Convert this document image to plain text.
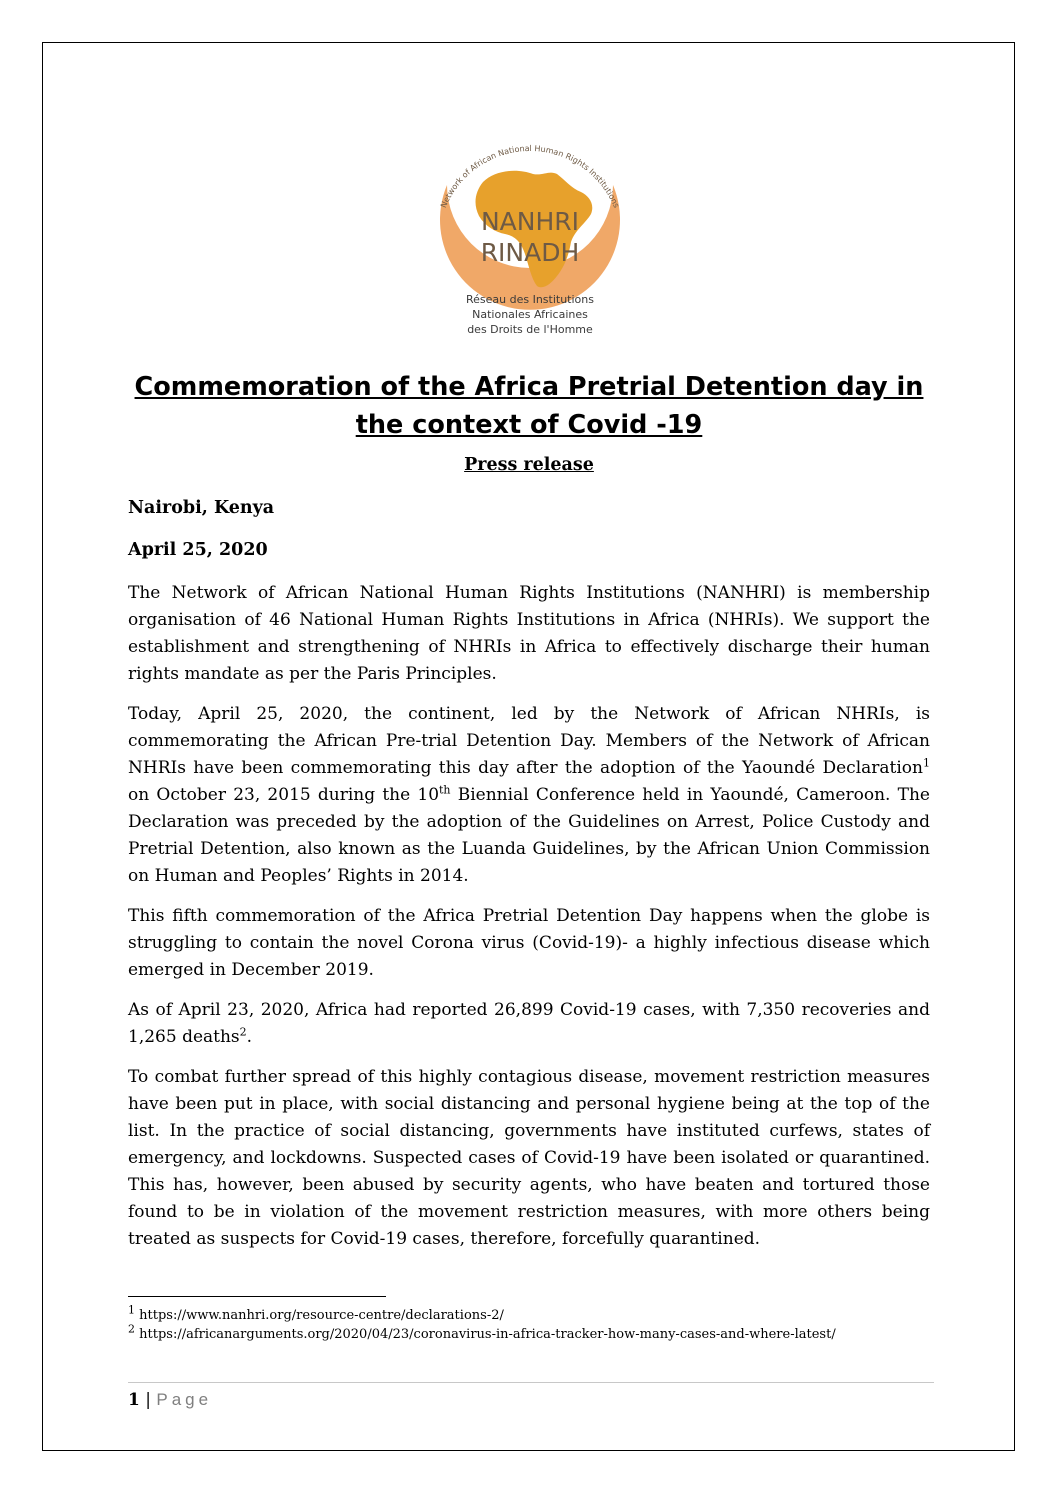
Network of African National Human Rights Institutions
NANHRI
RINADH
Réseau des Institutions
Nationales Africaines
des Droits de l'Homme
Commemoration of the Africa Pretrial Detention day in
the context of Covid -19

Press release

Nairobi, Kenya

April 25, 2020

The Network of African National Human Rights Institutions (NANHRI) is membership organisation of 46 National Human Rights Institutions in Africa (NHRIs). We support the establishment and strengthening of NHRIs in Africa to effectively discharge their human rights mandate as per the Paris Principles.

Today, April 25, 2020, the continent, led by the Network of African NHRIs, is commemorating the African Pre-trial Detention Day. Members of the Network of African NHRIs have been commemorating this day after the adoption of the Yaoundé Declaration$^1$ on October 23, 2015 during the 10th Biennial Conference held in Yaoundé, Cameroon. The Declaration was preceded by the adoption of the Guidelines on Arrest, Police Custody and Pretrial Detention, also known as the Luanda Guidelines, by the African Union Commission on Human and Peoples’ Rights in 2014.

This fifth commemoration of the Africa Pretrial Detention Day happens when the globe is struggling to contain the novel Corona virus (Covid-19)- a highly infectious disease which emerged in December 2019.

As of April 23, 2020, Africa had reported 26,899 Covid-19 cases, with 7,350 recoveries and 1,265 deaths$^2$.

To combat further spread of this highly contagious disease, movement restriction measures have been put in place, with social distancing and personal hygiene being at the top of the list. In the practice of social distancing, governments have instituted curfews, states of emergency, and lockdowns. Suspected cases of Covid-19 have been isolated or quarantined. This has, however, been abused by security agents, who have beaten and tortured those found to be in violation of the movement restriction measures, with more others being treated as suspects for Covid-19 cases, therefore, forcefully quarantined.

$^1$ https://www.nanhri.org/resource-centre/declarations-2/
$^2$ https://africanarguments.org/2020/04/23/coronavirus-in-africa-tracker-how-many-cases-and-where-latest/
1 | Page
